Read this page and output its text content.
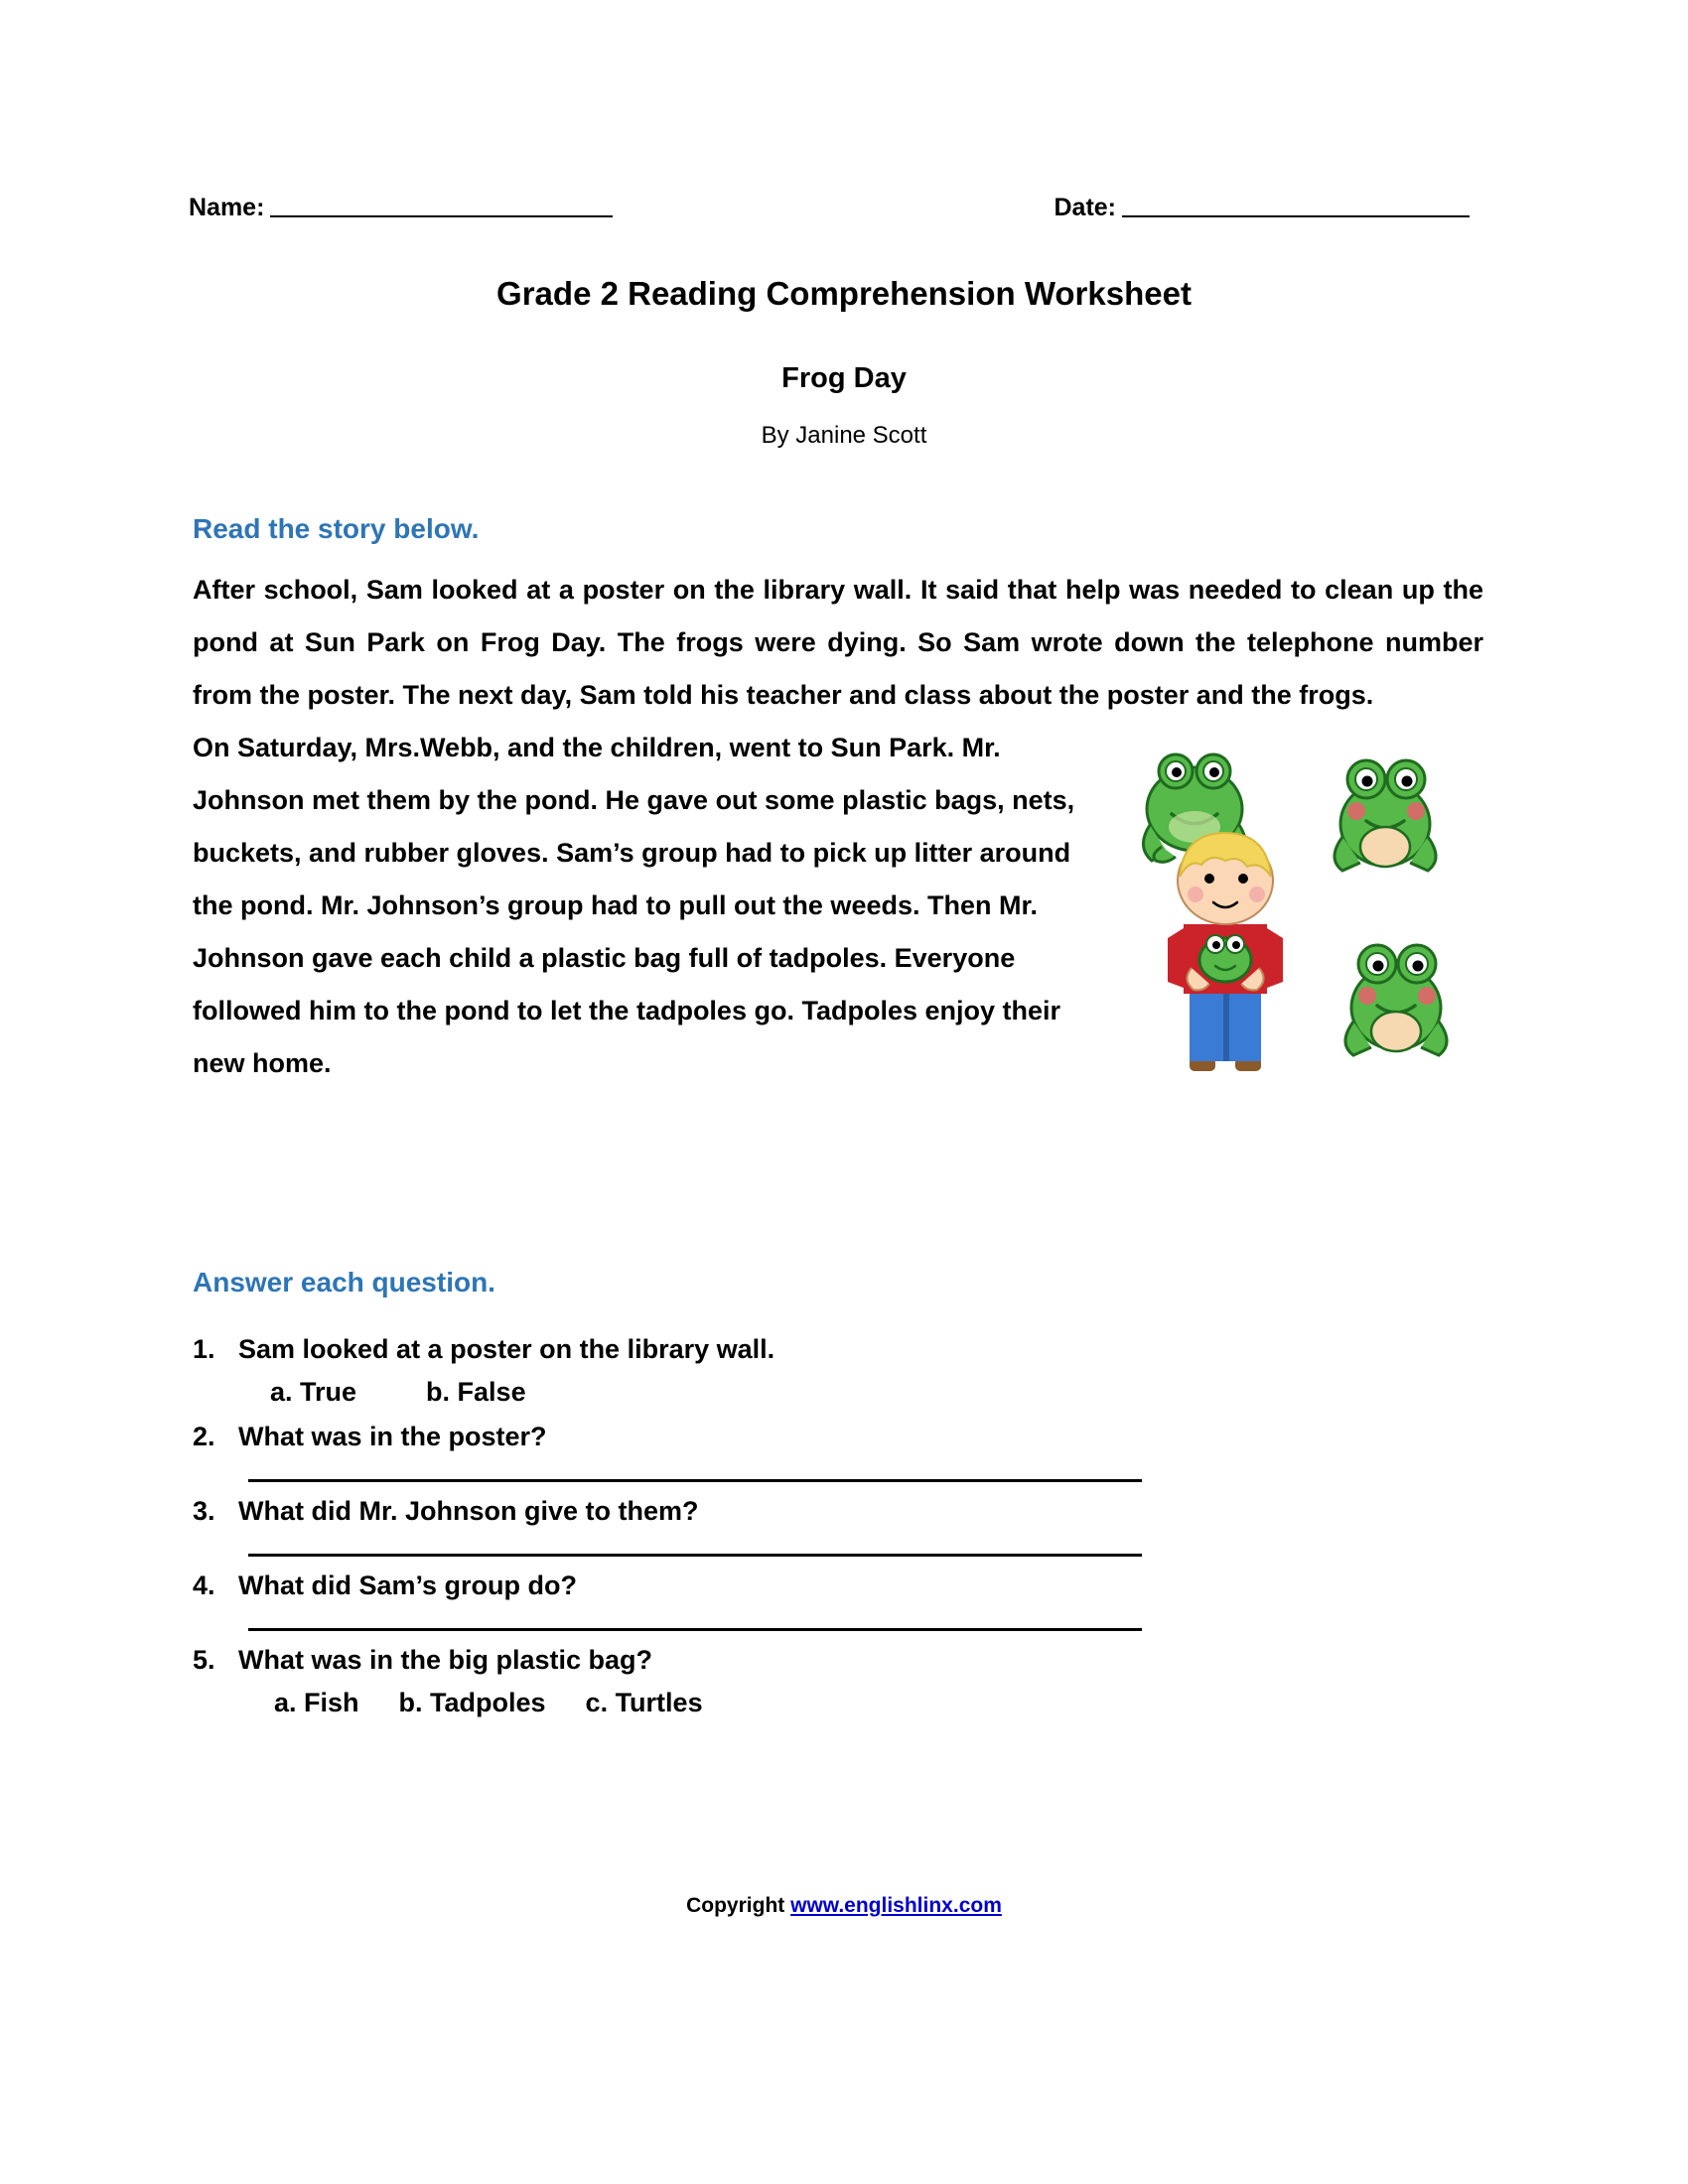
Name:	Date:
Grade 2 Reading Comprehension Worksheet
Frog Day
By Janine Scott
Read the story below.

After school, Sam looked at a poster on the library wall. It said that help was needed to clean up the pond at Sun Park on Frog Day. The frogs were dying. So Sam wrote down the telephone number from the poster. The next day, Sam told his teacher and class about the poster and the frogs.

On Saturday, Mrs.Webb, and the children, went to Sun Park. Mr. Johnson met them by the pond. He gave out some plastic bags, nets, buckets, and rubber gloves. Sam’s group had to pick up litter around the pond. Mr. Johnson’s group had to pull out the weeds. Then Mr. Johnson gave each child a plastic bag full of tadpoles. Everyone followed him to the pond to let the tadpoles go. Tadpoles enjoy their new home.

Answer each question.
1. Sam looked at a poster on the library wall.
a. True	b. False
2. What was in the poster?
3. What did Mr. Johnson give to them?
4. What did Sam’s group do?
5. What was in the big plastic bag?
a. Fish b. Tadpoles c. Turtles
Copyright www.englishlinx.com
